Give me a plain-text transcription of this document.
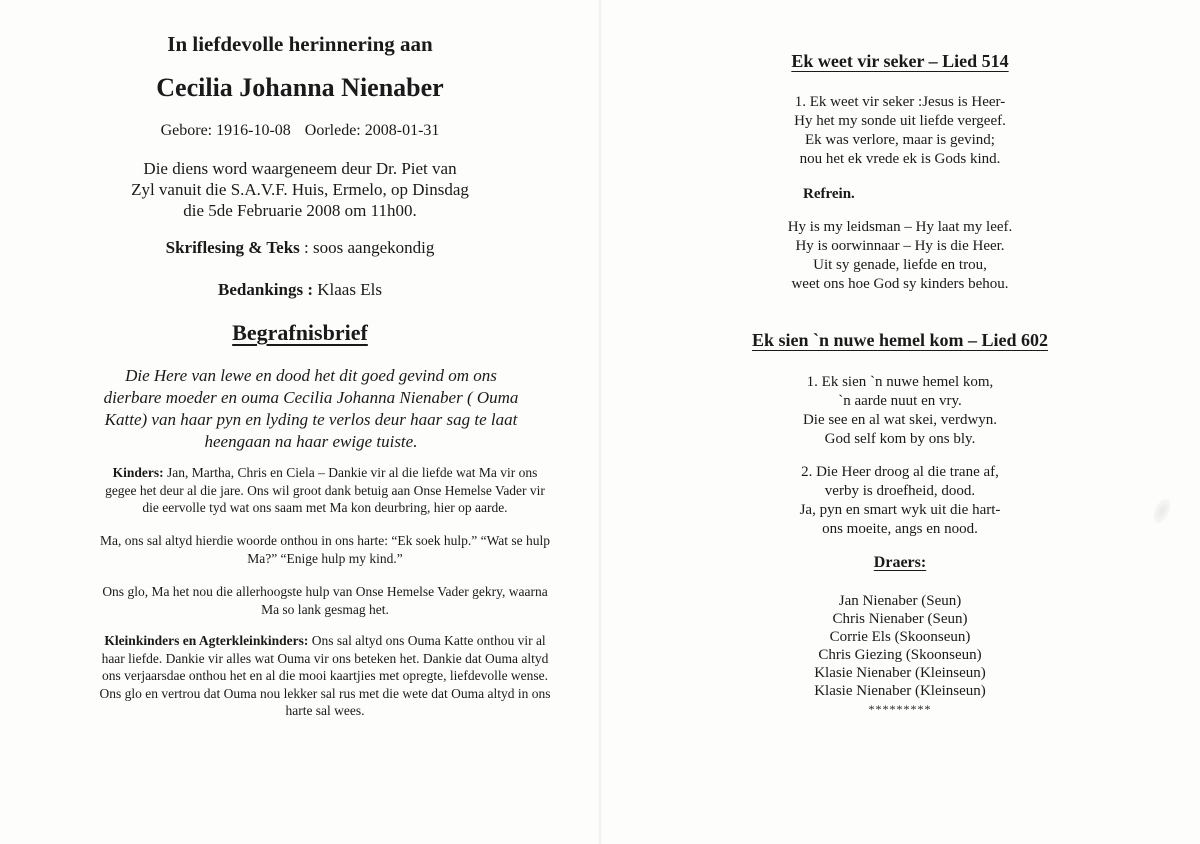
In liefdevolle herinnering aan
Cecilia Johanna Nienaber
Gebore: 1916-10-08 Oorlede: 2008-01-31
Die diens word waargeneem deur Dr. Piet van Zyl vanuit die S.A.V.F. Huis, Ermelo, op Dinsdag die 5de Februarie 2008 om 11h00.
Skriflesing & Teks : soos aangekondig
Bedankings : Klaas Els
Begrafnisbrief
Die Here van lewe en dood het dit goed gevind om ons dierbare moeder en ouma Cecilia Johanna Nienaber ( Ouma Katte) van haar pyn en lyding te verlos deur haar sag te laat heengaan na haar ewige tuiste.
Kinders: Jan, Martha, Chris en Ciela – Dankie vir al die liefde wat Ma vir ons gegee het deur al die jare. Ons wil groot dank betuig aan Onse Hemelse Vader vir die eervolle tyd wat ons saam met Ma kon deurbring, hier op aarde.
Ma, ons sal altyd hierdie woorde onthou in ons harte: “Ek soek hulp.” “Wat se hulp Ma?” “Enige hulp my kind.”
Ons glo, Ma het nou die allerhoogste hulp van Onse Hemelse Vader gekry, waarna Ma so lank gesmag het.
Kleinkinders en Agterkleinkinders: Ons sal altyd ons Ouma Katte onthou vir al haar liefde. Dankie vir alles wat Ouma vir ons beteken het. Dankie dat Ouma altyd ons verjaarsdae onthou het en al die mooi kaartjies met opregte, liefdevolle wense. Ons glo en vertrou dat Ouma nou lekker sal rus met die wete dat Ouma altyd in ons harte sal wees.
Ek weet vir seker – Lied 514
1. Ek weet vir seker :Jesus is Heer-
Hy het my sonde uit liefde vergeef.
Ek was verlore, maar is gevind;
nou het ek vrede ek is Gods kind.
Refrein.
Hy is my leidsman – Hy laat my leef.
Hy is oorwinnaar – Hy is die Heer.
Uit sy genade, liefde en trou,
weet ons hoe God sy kinders behou.
Ek sien `n nuwe hemel kom – Lied 602
1. Ek sien `n nuwe hemel kom,
`n aarde nuut en vry.
Die see en al wat skei, verdwyn.
God self kom by ons bly.
2. Die Heer droog al die trane af,
verby is droefheid, dood.
Ja, pyn en smart wyk uit die hart-
ons moeite, angs en nood.
Draers:
Jan Nienaber (Seun)
Chris Nienaber (Seun)
Corrie Els (Skoonseun)
Chris Giezing (Skoonseun)
Klasie Nienaber (Kleinseun)
Klasie Nienaber (Kleinseun)
*********
